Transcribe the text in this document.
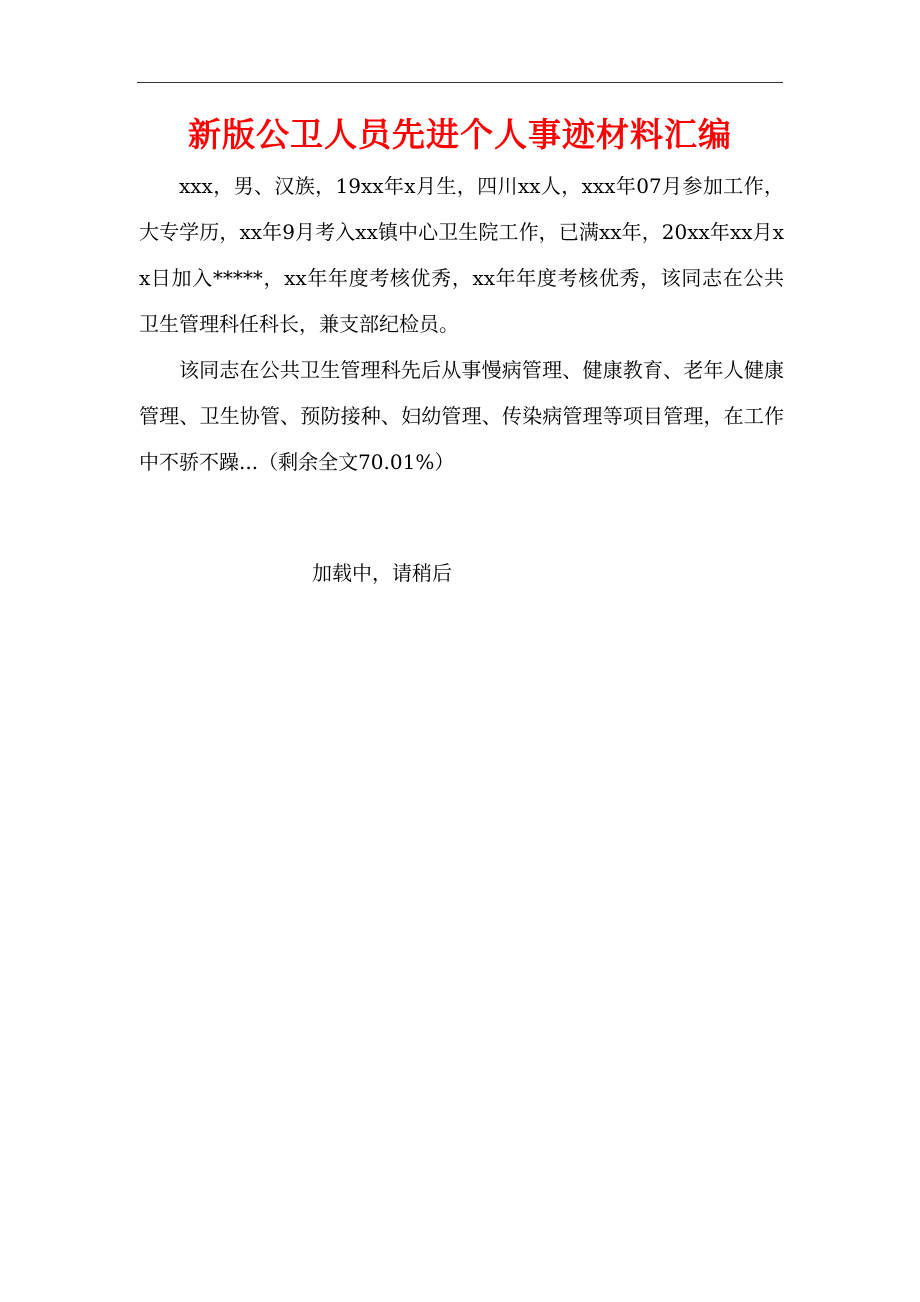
新版公卫人员先进个人事迹材料汇编

xxx，男、汉族，19xx年x月生，四川xx人，xxx年07月参加工作，大专学历，xx年9月考入xx镇中心卫生院工作，已满xx年，20xx年xx月xx日加入*****，xx年年度考核优秀，xx年年度考核优秀，该同志在公共卫生管理科任科长，兼支部纪检员。

该同志在公共卫生管理科先后从事慢病管理、健康教育、老年人健康管理、卫生协管、预防接种、妇幼管理、传染病管理等项目管理，在工作中不骄不躁...（剩余全文70.01%）

加载中，请稍后
